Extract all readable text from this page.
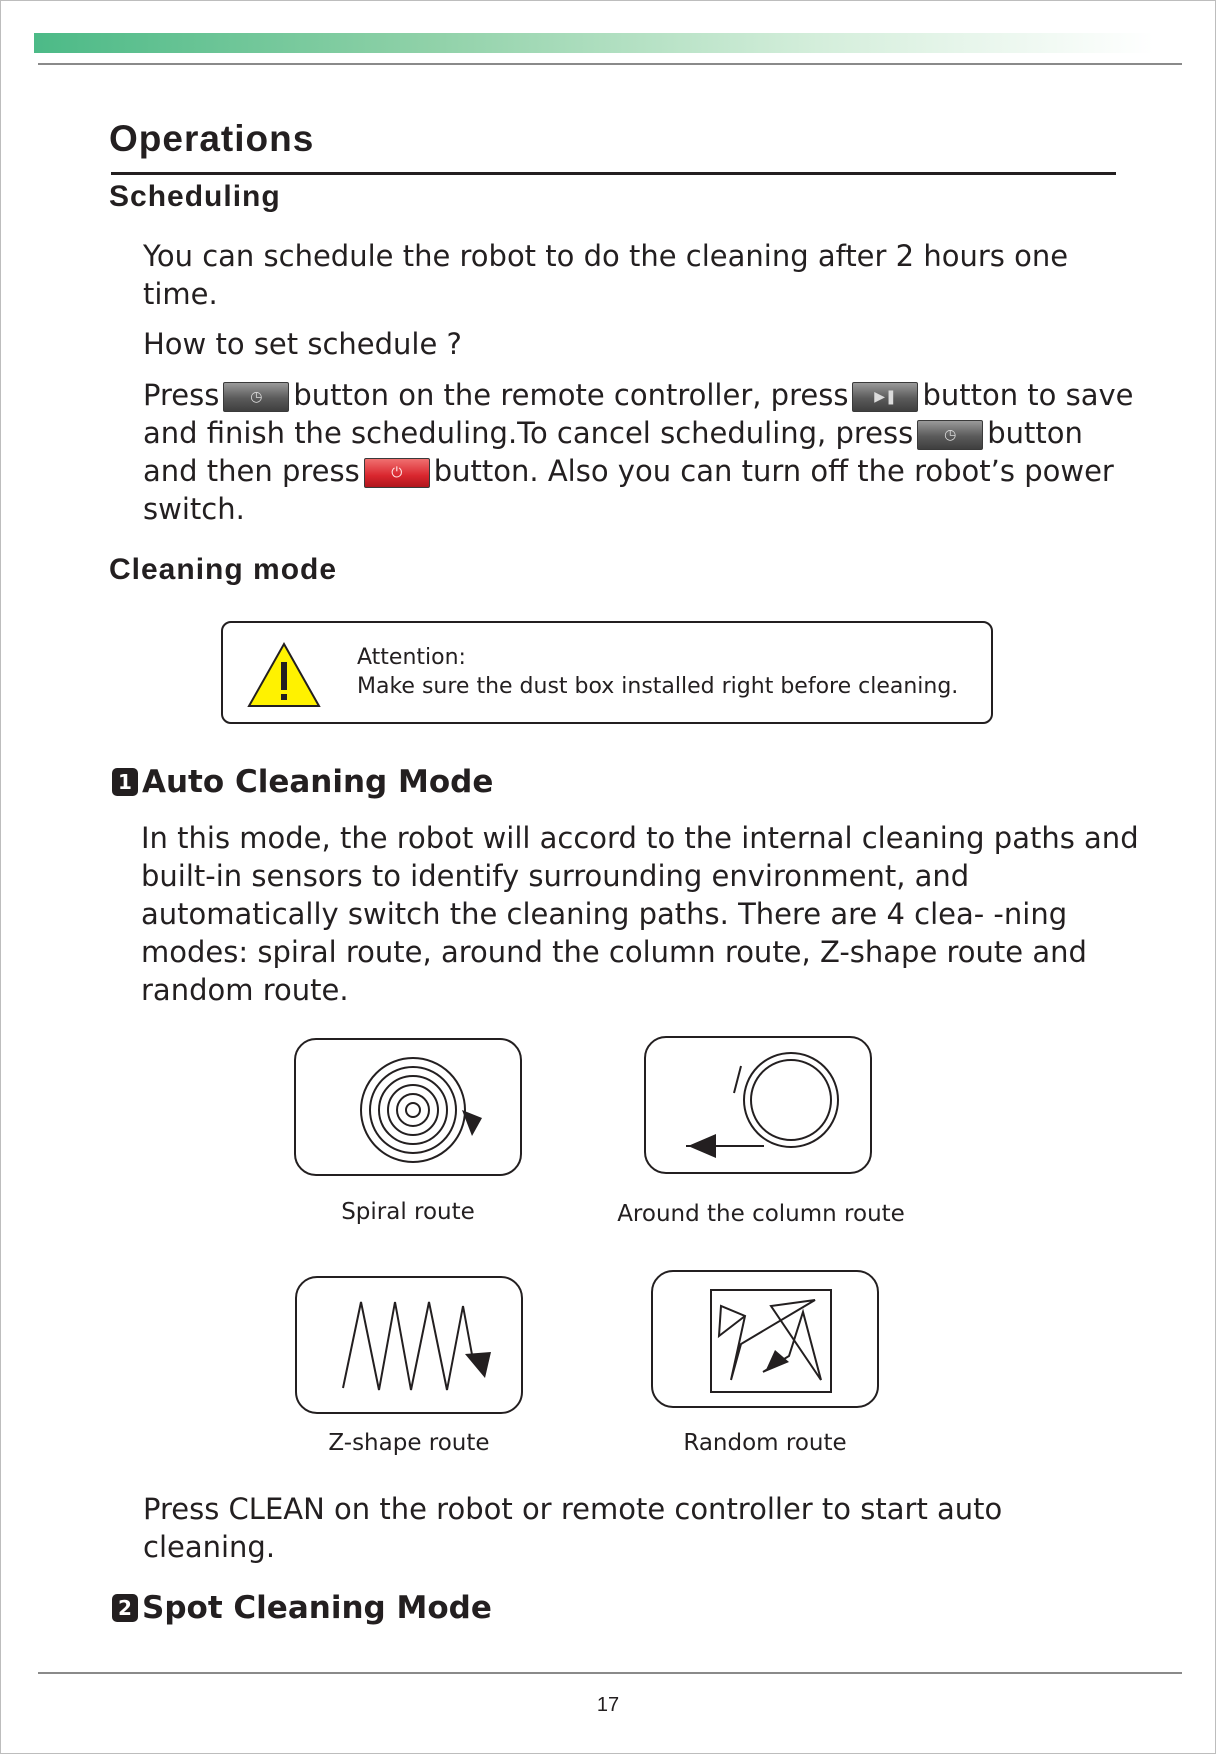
Operations
Scheduling
You can schedule the robot to do the cleaning after 2 hours one time.
How to set schedule ?
Press ◷ button on the remote controller, press ▶❚ button to save and finish the scheduling.To cancel scheduling, press ◷ button and then press ⏻ button. Also you can turn off the robot’s power switch.
Cleaning mode
Attention:
Make sure the dust box installed right before cleaning.
1 Auto Cleaning Mode
In this mode, the robot will accord to the internal cleaning paths and built-in sensors to identify surrounding environment, and automatically switch the cleaning paths. There are 4 clea- -ning modes: spiral route, around the column route, Z-shape route and random route.
Spiral route	Around the column route
Z-shape route	Random route
Press CLEAN on the robot or remote controller to start auto cleaning.
2 Spot Cleaning Mode
17
